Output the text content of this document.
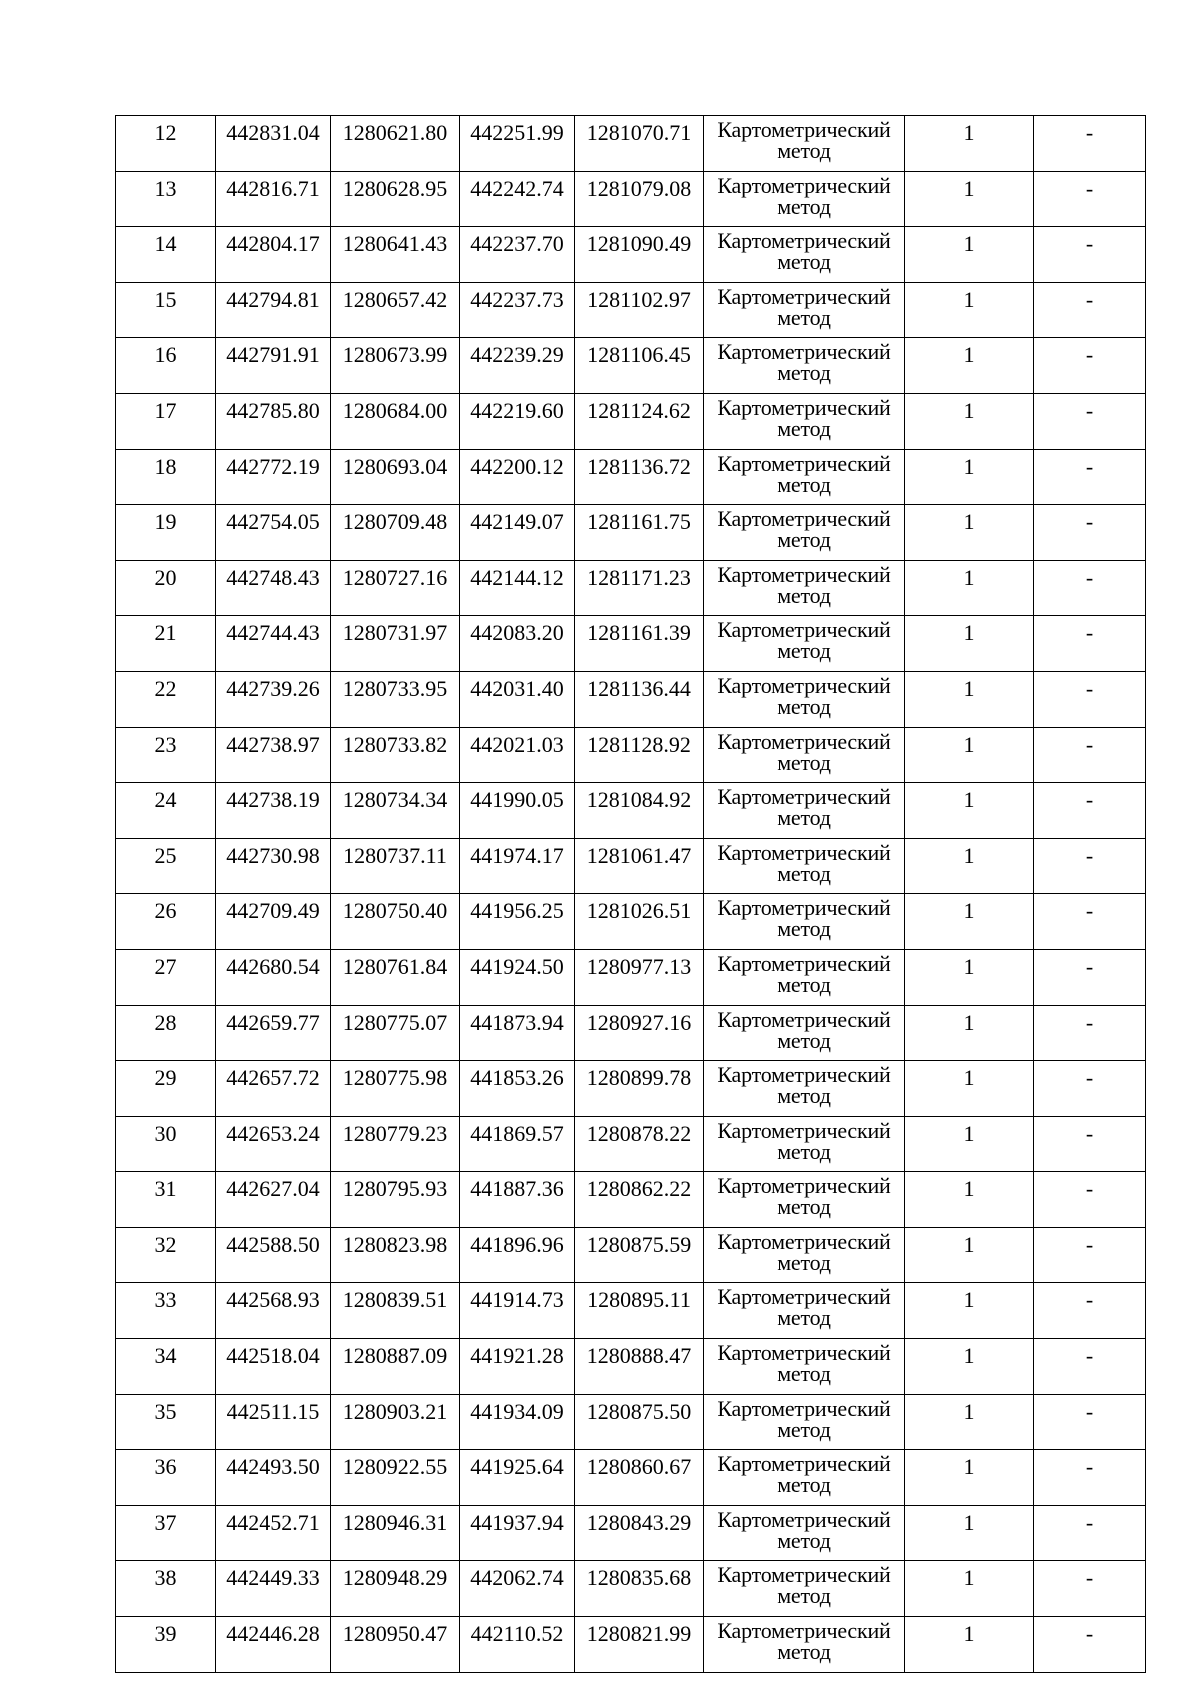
12	442831.04	1280621.80	442251.99	1281070.71	Картометрический
метод	1	-
13	442816.71	1280628.95	442242.74	1281079.08	Картометрический
метод	1	-
14	442804.17	1280641.43	442237.70	1281090.49	Картометрический
метод	1	-
15	442794.81	1280657.42	442237.73	1281102.97	Картометрический
метод	1	-
16	442791.91	1280673.99	442239.29	1281106.45	Картометрический
метод	1	-
17	442785.80	1280684.00	442219.60	1281124.62	Картометрический
метод	1	-
18	442772.19	1280693.04	442200.12	1281136.72	Картометрический
метод	1	-
19	442754.05	1280709.48	442149.07	1281161.75	Картометрический
метод	1	-
20	442748.43	1280727.16	442144.12	1281171.23	Картометрический
метод	1	-
21	442744.43	1280731.97	442083.20	1281161.39	Картометрический
метод	1	-
22	442739.26	1280733.95	442031.40	1281136.44	Картометрический
метод	1	-
23	442738.97	1280733.82	442021.03	1281128.92	Картометрический
метод	1	-
24	442738.19	1280734.34	441990.05	1281084.92	Картометрический
метод	1	-
25	442730.98	1280737.11	441974.17	1281061.47	Картометрический
метод	1	-
26	442709.49	1280750.40	441956.25	1281026.51	Картометрический
метод	1	-
27	442680.54	1280761.84	441924.50	1280977.13	Картометрический
метод	1	-
28	442659.77	1280775.07	441873.94	1280927.16	Картометрический
метод	1	-
29	442657.72	1280775.98	441853.26	1280899.78	Картометрический
метод	1	-
30	442653.24	1280779.23	441869.57	1280878.22	Картометрический
метод	1	-
31	442627.04	1280795.93	441887.36	1280862.22	Картометрический
метод	1	-
32	442588.50	1280823.98	441896.96	1280875.59	Картометрический
метод	1	-
33	442568.93	1280839.51	441914.73	1280895.11	Картометрический
метод	1	-
34	442518.04	1280887.09	441921.28	1280888.47	Картометрический
метод	1	-
35	442511.15	1280903.21	441934.09	1280875.50	Картометрический
метод	1	-
36	442493.50	1280922.55	441925.64	1280860.67	Картометрический
метод	1	-
37	442452.71	1280946.31	441937.94	1280843.29	Картометрический
метод	1	-
38	442449.33	1280948.29	442062.74	1280835.68	Картометрический
метод	1	-
39	442446.28	1280950.47	442110.52	1280821.99	Картометрический
метод	1	-
